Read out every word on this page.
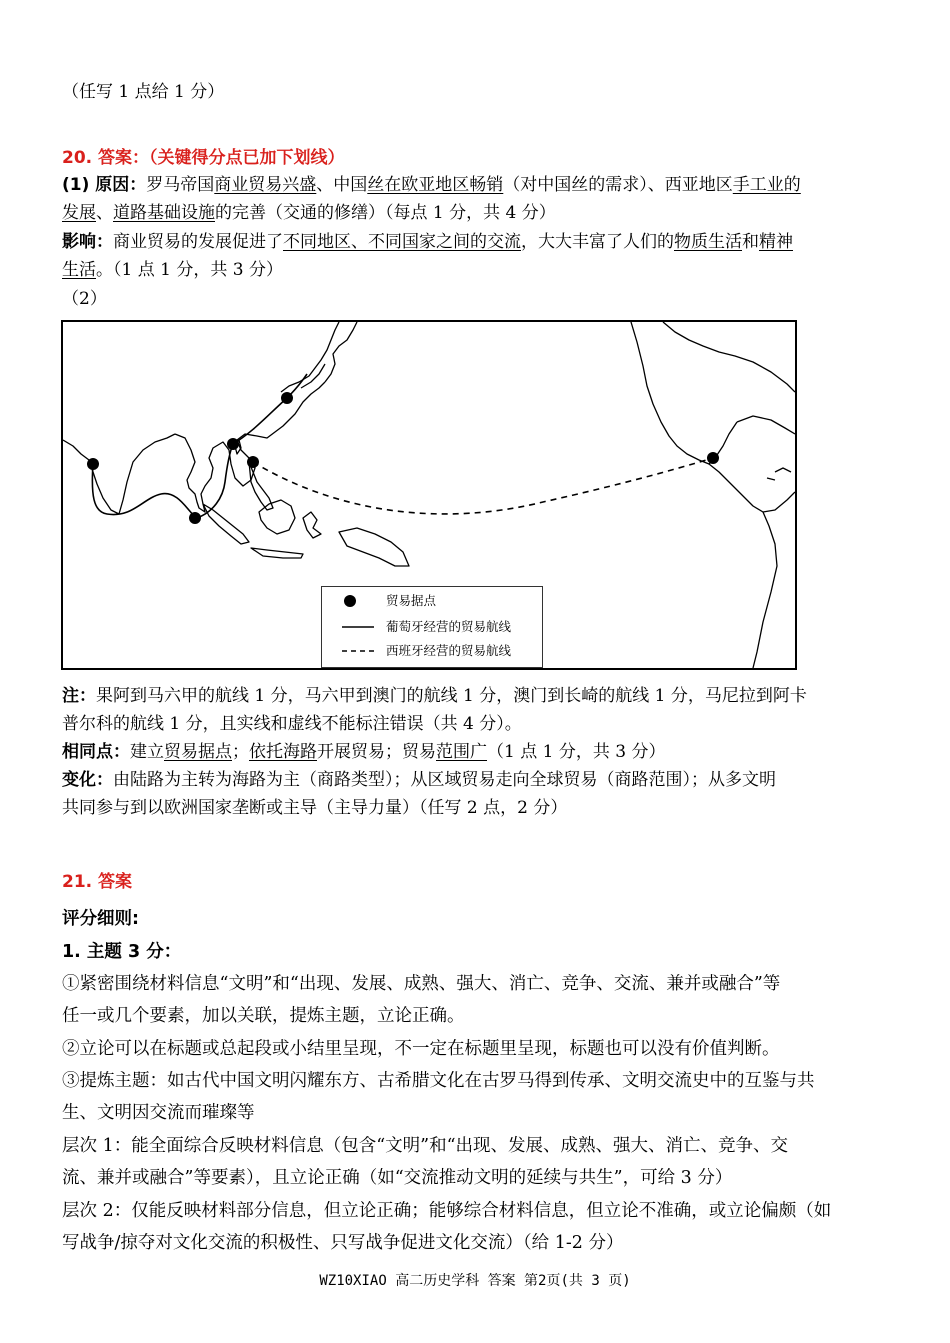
（任写 1 点给 1 分）
20. 答案：（关键得分点已加下划线）
(1) 原因：罗马帝国商业贸易兴盛、中国丝在欧亚地区畅销（对中国丝的需求）、西亚地区手工业的
发展、道路基础设施的完善（交通的修缮）（每点 1 分，共 4 分）
影响：商业贸易的发展促进了不同地区、不同国家之间的交流，大大丰富了人们的物质生活和精神
生活。（1 点 1 分，共 3 分）
（2）
贸易据点
葡萄牙经营的贸易航线
西班牙经营的贸易航线
注：果阿到马六甲的航线 1 分，马六甲到澳门的航线 1 分，澳门到长崎的航线 1 分，马尼拉到阿卡
普尔科的航线 1 分，且实线和虚线不能标注错误（共 4 分）。
相同点：建立贸易据点；依托海路开展贸易；贸易范围广（1 点 1 分，共 3 分）
变化：由陆路为主转为海路为主（商路类型）；从区域贸易走向全球贸易（商路范围）；从多文明
共同参与到以欧洲国家垄断或主导（主导力量）（任写 2 点，2 分）
21. 答案
评分细则:
1. 主题 3 分：
①紧密围绕材料信息“文明”和“出现、发展、成熟、强大、消亡、竞争、交流、兼并或融合”等
任一或几个要素，加以关联，提炼主题，立论正确。
②立论可以在标题或总起段或小结里呈现，不一定在标题里呈现，标题也可以没有价值判断。
③提炼主题：如古代中国文明闪耀东方、古希腊文化在古罗马得到传承、文明交流史中的互鉴与共
生、文明因交流而璀璨等
层次 1：能全面综合反映材料信息（包含“文明”和“出现、发展、成熟、强大、消亡、竞争、交
流、兼并或融合”等要素），且立论正确（如“交流推动文明的延续与共生”，可给 3 分）
层次 2：仅能反映材料部分信息，但立论正确；能够综合材料信息，但立论不准确，或立论偏颇（如
写战争/掠夺对文化交流的积极性、只写战争促进文化交流）（给 1-2 分）
WZ10XIAO 高二历史学科 答案 第2页(共 3 页)
